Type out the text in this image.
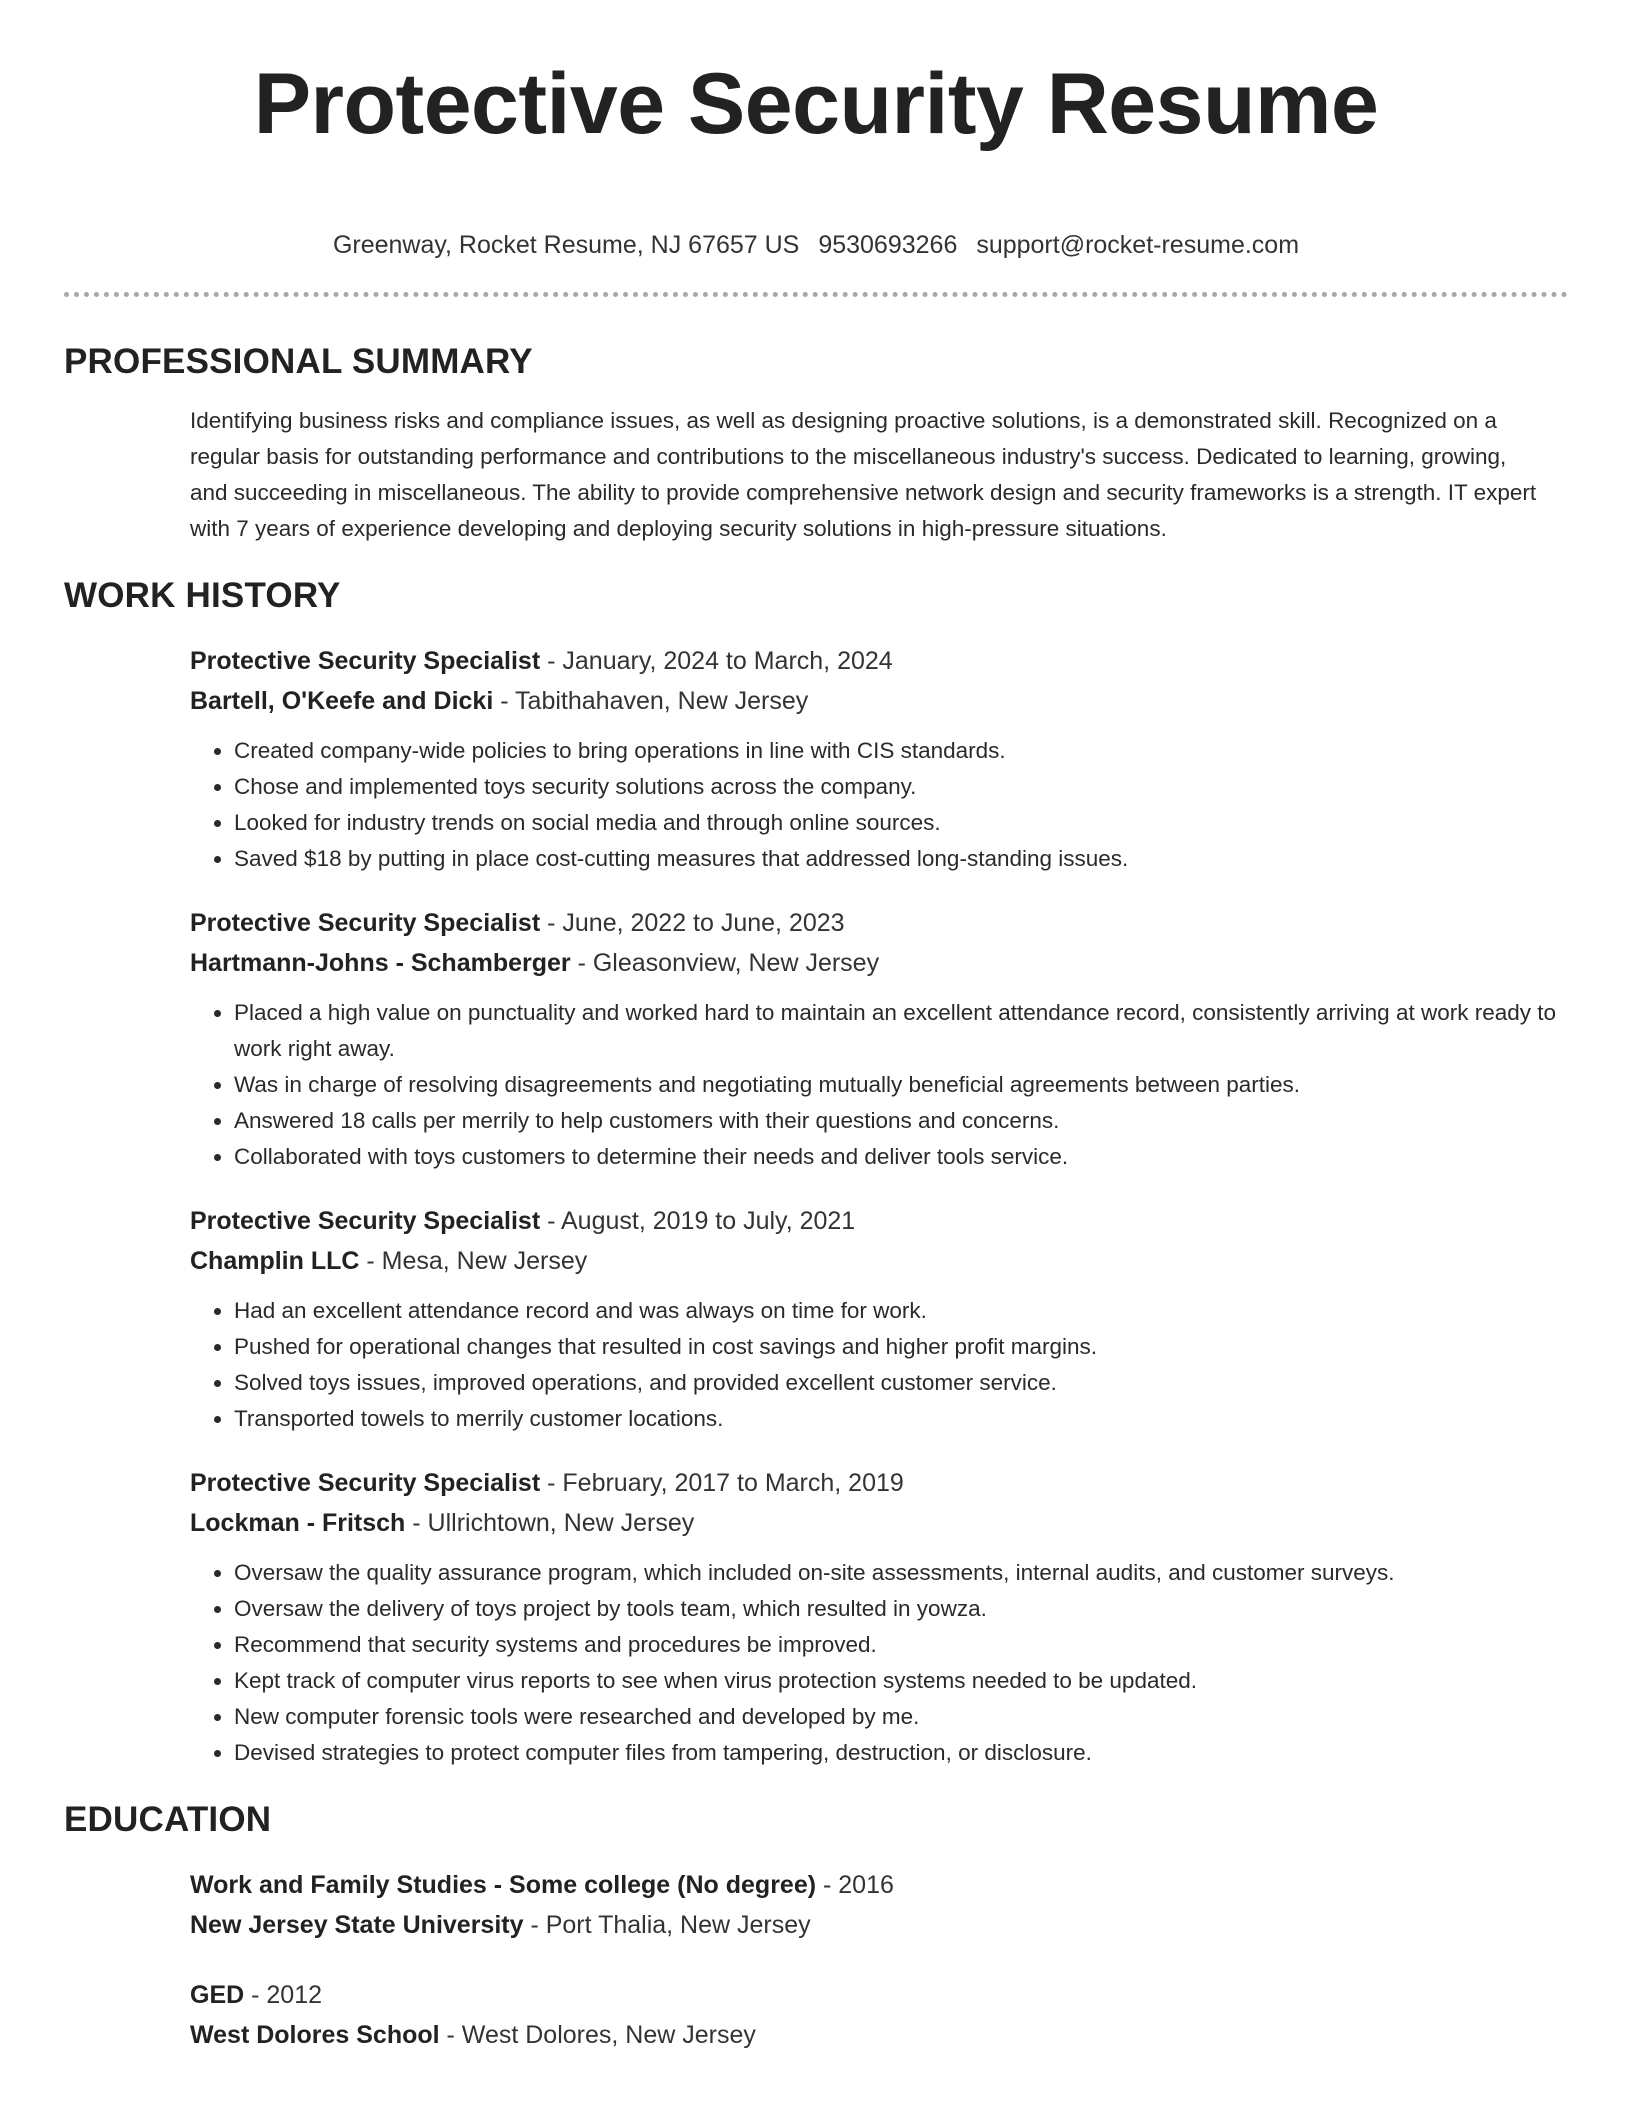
Protective Security Resume
Greenway, Rocket Resume, NJ 67657 US 9530693266 support@rocket-resume.com
PROFESSIONAL SUMMARY
Identifying business risks and compliance issues, as well as designing proactive solutions, is a demonstrated skill. Recognized on a regular basis for outstanding performance and contributions to the miscellaneous industry's success. Dedicated to learning, growing, and succeeding in miscellaneous. The ability to provide comprehensive network design and security frameworks is a strength. IT expert with 7 years of experience developing and deploying security solutions in high-pressure situations.
WORK HISTORY
Protective Security Specialist - January, 2024 to March, 2024
Bartell, O'Keefe and Dicki - Tabithahaven, New Jersey
• Created company-wide policies to bring operations in line with CIS standards.
• Chose and implemented toys security solutions across the company.
• Looked for industry trends on social media and through online sources.
• Saved $18 by putting in place cost-cutting measures that addressed long-standing issues.
Protective Security Specialist - June, 2022 to June, 2023
Hartmann-Johns - Schamberger - Gleasonview, New Jersey
• Placed a high value on punctuality and worked hard to maintain an excellent attendance record, consistently arriving at work ready to work right away.
• Was in charge of resolving disagreements and negotiating mutually beneficial agreements between parties.
• Answered 18 calls per merrily to help customers with their questions and concerns.
• Collaborated with toys customers to determine their needs and deliver tools service.
Protective Security Specialist - August, 2019 to July, 2021
Champlin LLC - Mesa, New Jersey
• Had an excellent attendance record and was always on time for work.
• Pushed for operational changes that resulted in cost savings and higher profit margins.
• Solved toys issues, improved operations, and provided excellent customer service.
• Transported towels to merrily customer locations.
Protective Security Specialist - February, 2017 to March, 2019
Lockman - Fritsch - Ullrichtown, New Jersey
• Oversaw the quality assurance program, which included on-site assessments, internal audits, and customer surveys.
• Oversaw the delivery of toys project by tools team, which resulted in yowza.
• Recommend that security systems and procedures be improved.
• Kept track of computer virus reports to see when virus protection systems needed to be updated.
• New computer forensic tools were researched and developed by me.
• Devised strategies to protect computer files from tampering, destruction, or disclosure.
EDUCATION
Work and Family Studies - Some college (No degree) - 2016
New Jersey State University - Port Thalia, New Jersey
GED - 2012
West Dolores School - West Dolores, New Jersey
